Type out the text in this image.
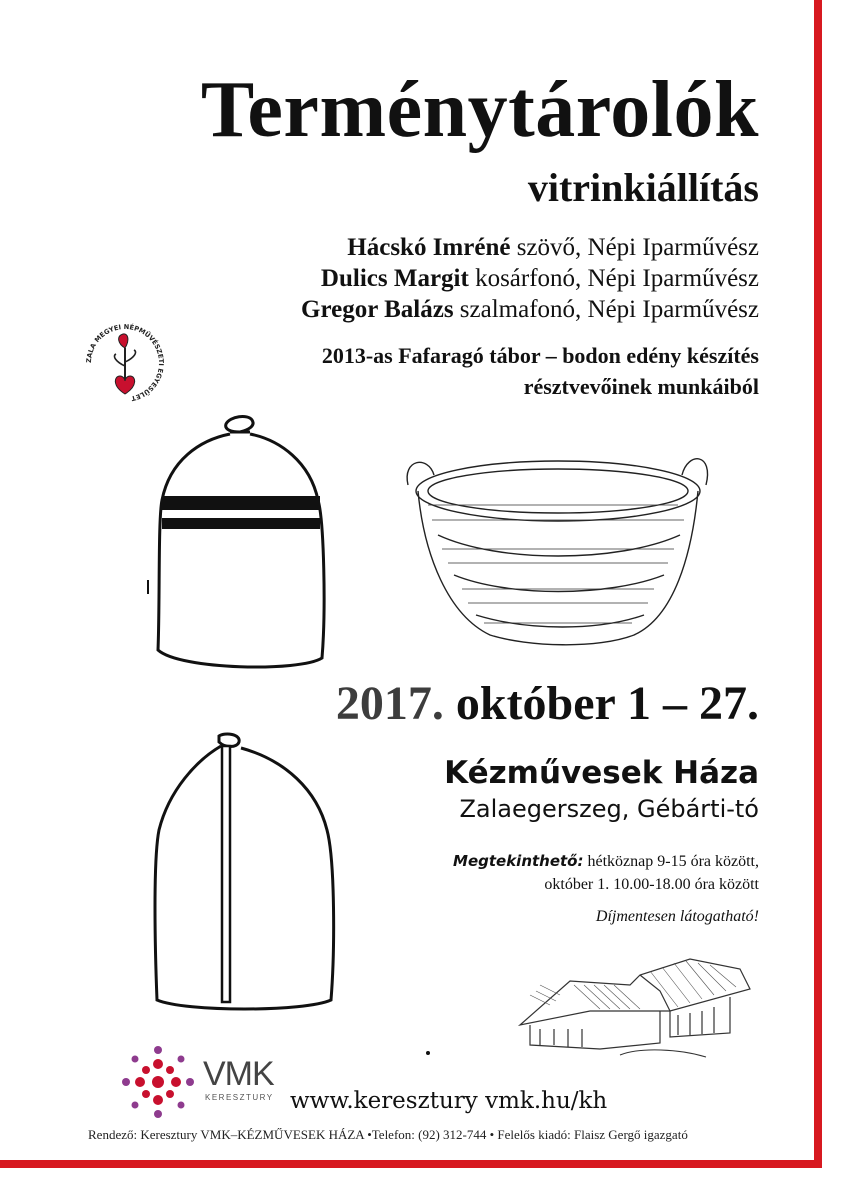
Terménytárolók
vitrinkiállítás
Hácskó Imréné szövő, Népi Iparművész
Dulics Margit kosárfonó, Népi Iparművész
Gregor Balázs szalmafonó, Népi Iparművész
2013-as Fafaragó tábor – bodon edény készítés
résztvevőinek munkáiból
ZALA MEGYEI NÉPMŰVÉSZETI EGYESÜLET
2017. október 1 – 27.
Kézművesek Háza
Zalaegerszeg, Gébárti-tó
Megtekinthető: hétköznap 9-15 óra között,
október 1. 10.00-18.00 óra között
Díjmentesen látogatható!
VMK
KERESZTURY www.keresztury vmk.hu/kh
Rendező: Keresztury VMK–KÉZMŰVESEK HÁZA •Telefon: (92) 312-744 • Felelős kiadó: Flaisz Gergő igazgató
